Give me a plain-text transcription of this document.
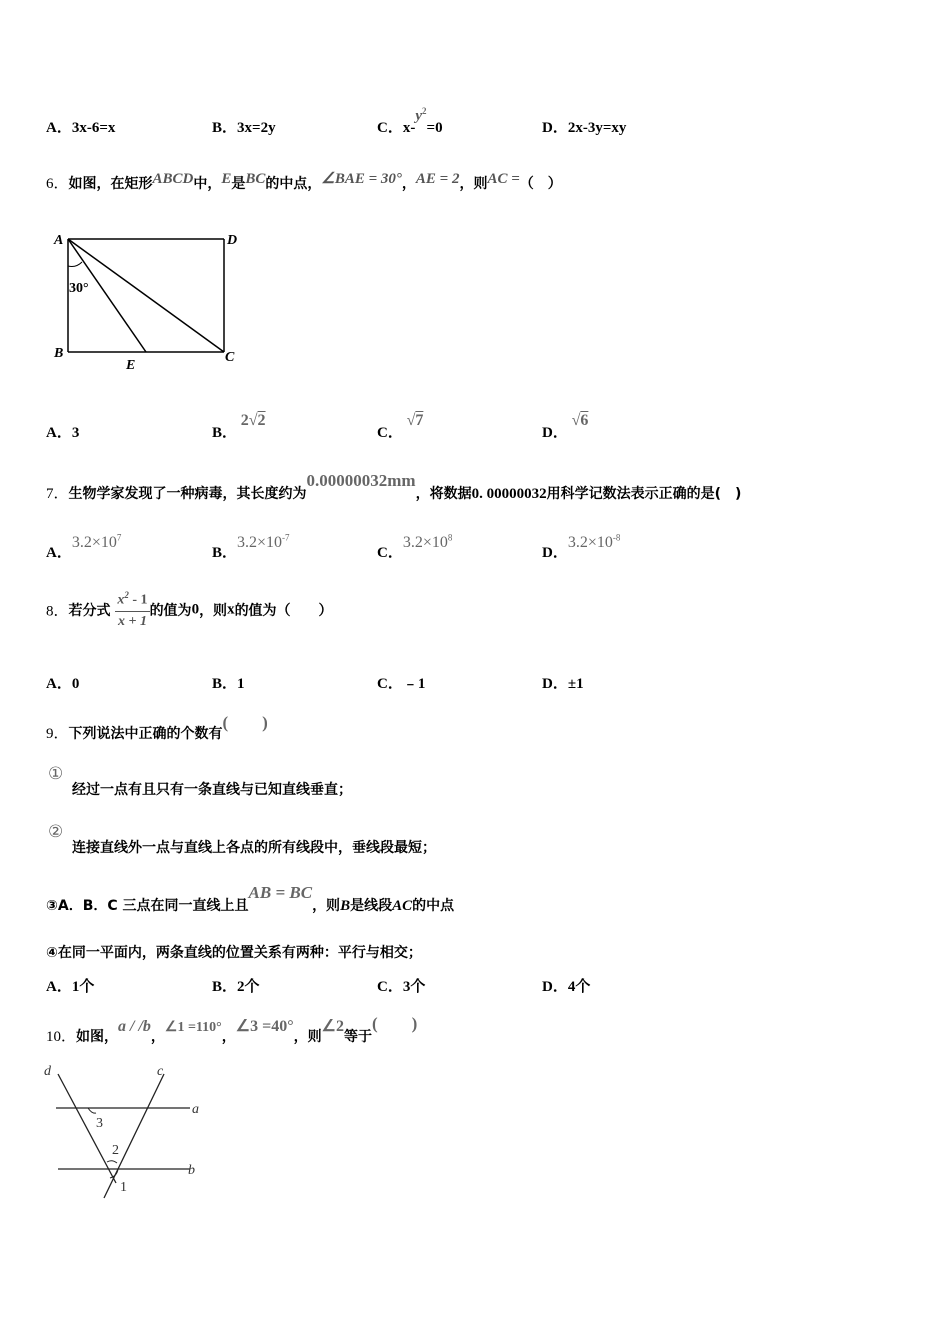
A．3x-6=x	B．3x=2y	C．$x-y^2=0$	D．2x-3y=xy
6．如图，在矩形ABCD中，E是BC的中点，∠BAE = 30°，AE = 2，则AC =（　）
A	D
B	C
E
30°
A．3	B． 2√2
C． √7
D． √6
7．生物学家发现了一种病毒，其长度约为0.00000032mm，将数据0. 00000032用科学记数法表示正确的是(　)
A．$3.2\times 10^7$
B．$3.2\times 10^{-7}$
C．$3.2\times 10^8$
D．$3.2\times 10^{-8}$
8．若分式 $\frac{x^2 - 1}{x + 1}$ 的值为0，则x的值为（　　）
A．0	B．1	C．﹣1	D．±1
9．下列说法中正确的个数有(　　)
①
经过一点有且只有一条直线与已知直线垂直；
②
连接直线外一点与直线上各点的所有线段中，垂线段最短；
③A．B．C 三点在同一直线上且AB = BC，则B是线段AC的中点
④在同一平面内，两条直线的位置关系有两种：平行与相交；
A．1个	B．2个	C．3个	D．4个
10．如图，a / /b，∠1 =110°，∠3 =40°，则∠2等于(　　)
d	c
a
b
3
2
1
